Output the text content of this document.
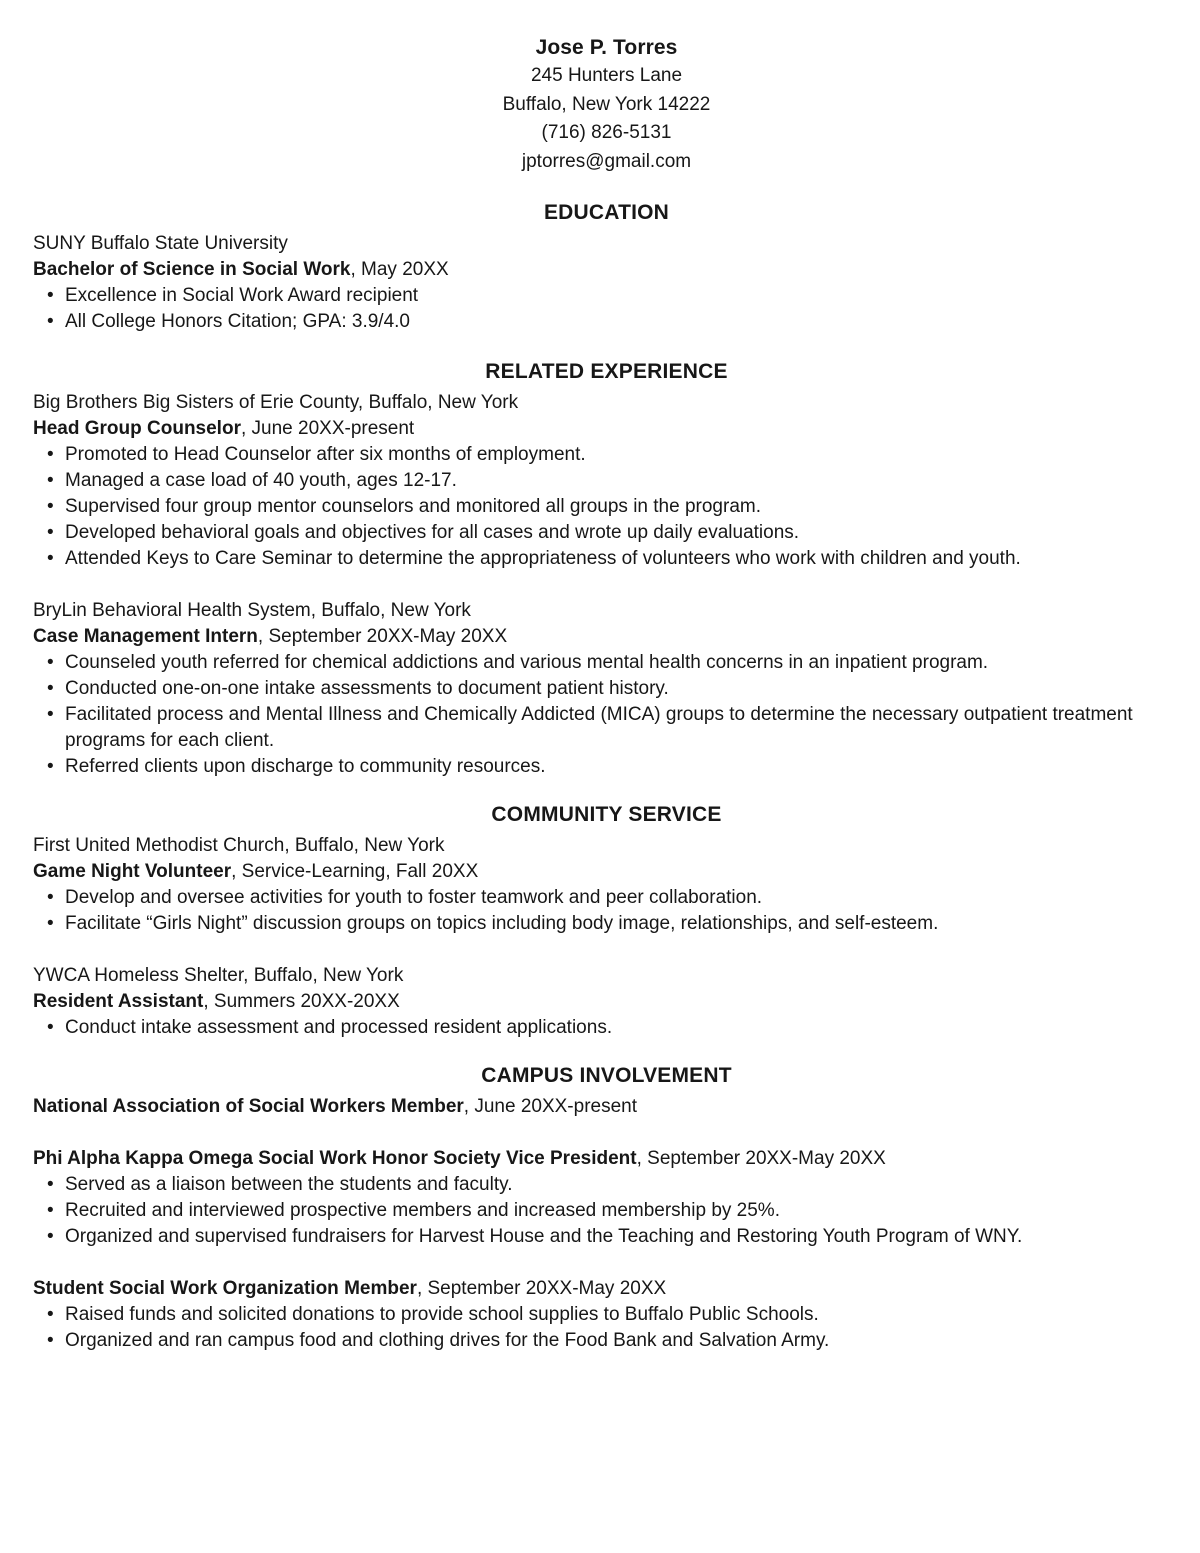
Jose P. Torres
245 Hunters Lane
Buffalo, New York 14222
(716) 826-5131
jptorres@gmail.com
EDUCATION
SUNY Buffalo State University
Bachelor of Science in Social Work, May 20XX
• Excellence in Social Work Award recipient
• All College Honors Citation; GPA: 3.9/4.0
RELATED EXPERIENCE
Big Brothers Big Sisters of Erie County, Buffalo, New York
Head Group Counselor, June 20XX-present
• Promoted to Head Counselor after six months of employment.
• Managed a case load of 40 youth, ages 12-17.
• Supervised four group mentor counselors and monitored all groups in the program.
• Developed behavioral goals and objectives for all cases and wrote up daily evaluations.
• Attended Keys to Care Seminar to determine the appropriateness of volunteers who work with children and youth.
BryLin Behavioral Health System, Buffalo, New York
Case Management Intern, September 20XX-May 20XX
• Counseled youth referred for chemical addictions and various mental health concerns in an inpatient program.
• Conducted one-on-one intake assessments to document patient history.
• Facilitated process and Mental Illness and Chemically Addicted (MICA) groups to determine the necessary outpatient treatment programs for each client.
• Referred clients upon discharge to community resources.
COMMUNITY SERVICE
First United Methodist Church, Buffalo, New York
Game Night Volunteer, Service-Learning, Fall 20XX
• Develop and oversee activities for youth to foster teamwork and peer collaboration.
• Facilitate “Girls Night” discussion groups on topics including body image, relationships, and self-esteem.
YWCA Homeless Shelter, Buffalo, New York
Resident Assistant, Summers 20XX-20XX
• Conduct intake assessment and processed resident applications.
CAMPUS INVOLVEMENT
National Association of Social Workers Member, June 20XX-present
Phi Alpha Kappa Omega Social Work Honor Society Vice President, September 20XX-May 20XX
• Served as a liaison between the students and faculty.
• Recruited and interviewed prospective members and increased membership by 25%.
• Organized and supervised fundraisers for Harvest House and the Teaching and Restoring Youth Program of WNY.
Student Social Work Organization Member, September 20XX-May 20XX
• Raised funds and solicited donations to provide school supplies to Buffalo Public Schools.
• Organized and ran campus food and clothing drives for the Food Bank and Salvation Army.
